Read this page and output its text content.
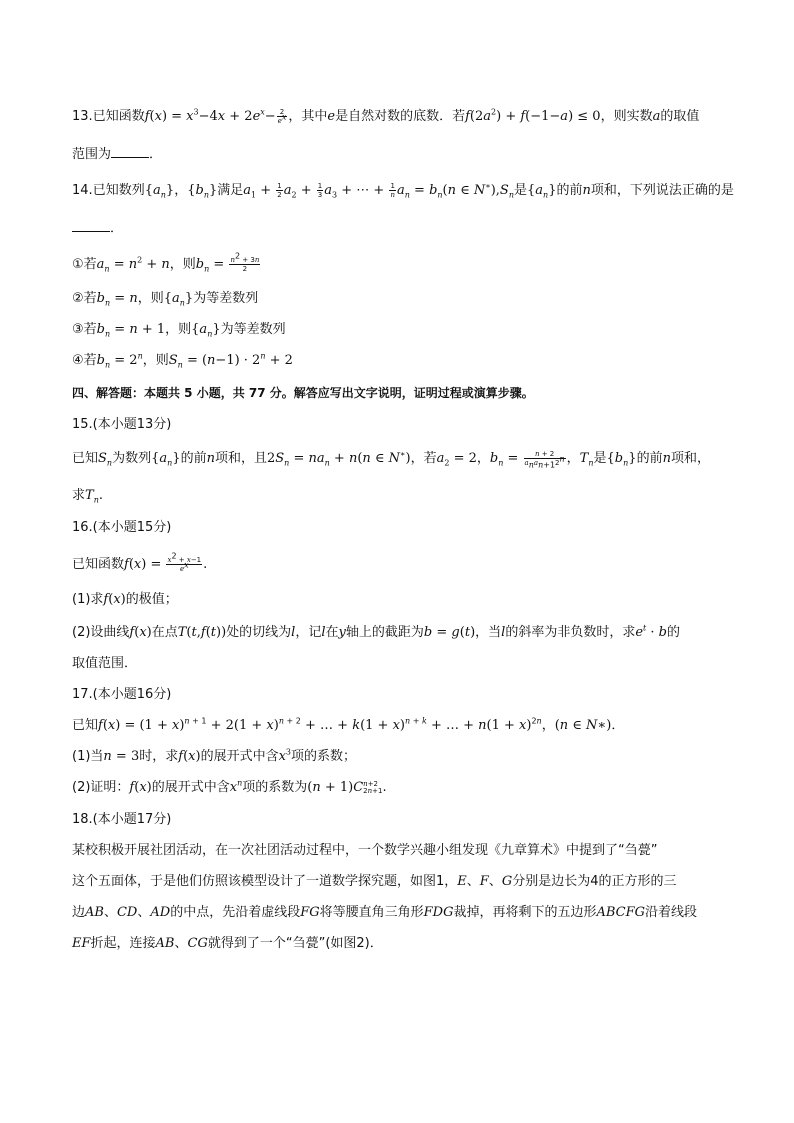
13.已知函数$f(x) = x^3-4x + 2e^x- \frac{2}{e^x}$ ，其中e是自然对数的底数．若$f(2a^2) + f(-1-a) \le 0$，则实数a的取值
范围为	．
14.已知数列$\{a_n\}$，$\{b_n\}$满足$a_1 + \frac{1}{2} a_2 + \frac{1}{3} a_3$ + ⋯ + $\frac{1}{n} a_n = b_n(n$ ∈ $N^∗),S_n$是$\{a_n\}$的前n项和，下列说法正确的是
．
①若$a_n = n^2 + n$，则$b_n = \frac{n^2 + 3n}{2}$
②若$b_n = n$，则$\{a_n\}$为等差数列
③若$b_n = n + 1$，则$\{a_n\}$为等差数列
④若$b_n = 2^n$，则$S_n = (n-1) \cdot 2^n + 2$
四、解答题：本题共 5 小题，共 77 分。解答应写出文字说明，证明过程或演算步骤。
15.(本小题13分)
已知$S_n$为数列$\{a_n\}$的前n项和，且$2S_n = na_n + n(n$ ∈ N∗)，若$a_2 = 2$，$b_n = \frac{n + 2}{a_na_{n+1}2^n}$ ，$T_n$是$\{b_n\}$的前n项和，
求$T_n$.
16.(本小题15分)
已知函数$f(x) = \frac{x^2 + x-1}{e^x}$ .
(1)求f(x)的极值；
(2)设曲线f(x)在点T(t,f(t))处的切线为l，记l在y轴上的截距为b = g(t)，当l的斜率为非负数时，求$e^t \cdot b$的
取值范围．
17.(本小题16分)
已知$f(x) = (1 + x)^{n + 1} + 2(1 + x)^{n + 2}$ + … + $k(1 + x)^{n + k}$ + … + $n(1 + x)^{2n}$，(n ∈ N∗)．
(1)当n = 3时，求f(x)的展开式中含$x^3$项的系数；
(2)证明：f(x)的展开式中含$x^n$项的系数为(n + 1)C n+2
2n+1 .
18.(本小题17分)
某校积极开展社团活动，在一次社团活动过程中，一个数学兴趣小组发现《九章算术》中提到了“刍甍”
这个五面体，于是他们仿照该模型设计了一道数学探究题，如图1，E、F、G分别是边长为4的正方形的三
边AB、CD、AD的中点，先沿着虚线段FG将等腰直角三角形FDG裁掉，再将剩下的五边形ABCFG沿着线段
EF折起，连接AB、CG就得到了一个“刍甍”(如图2)．
